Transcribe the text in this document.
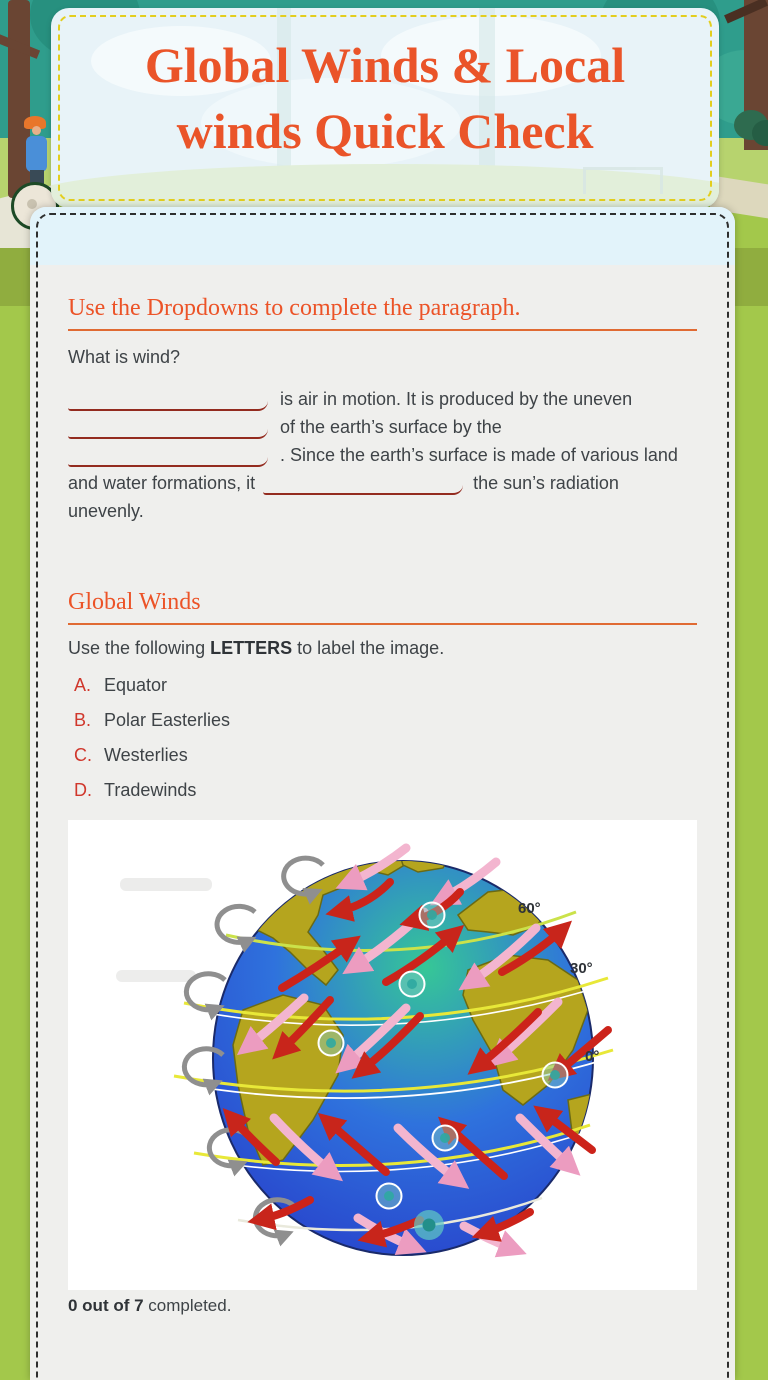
Global Winds & Local winds Quick Check
Use the Dropdowns to complete the paragraph.

What is wind?

is air in motion. It is produced by the uneven
of the earth’s surface by the
. Since the earth’s surface is made of various land
and water formations, it	the sun’s radiation
unevenly.
Global Winds

Use the following LETTERS to label the image.

A. Equator
B. Polar Easterlies
C. Westerlies
D. Tradewinds
60°
30°
0°

0 out of 7 completed.
